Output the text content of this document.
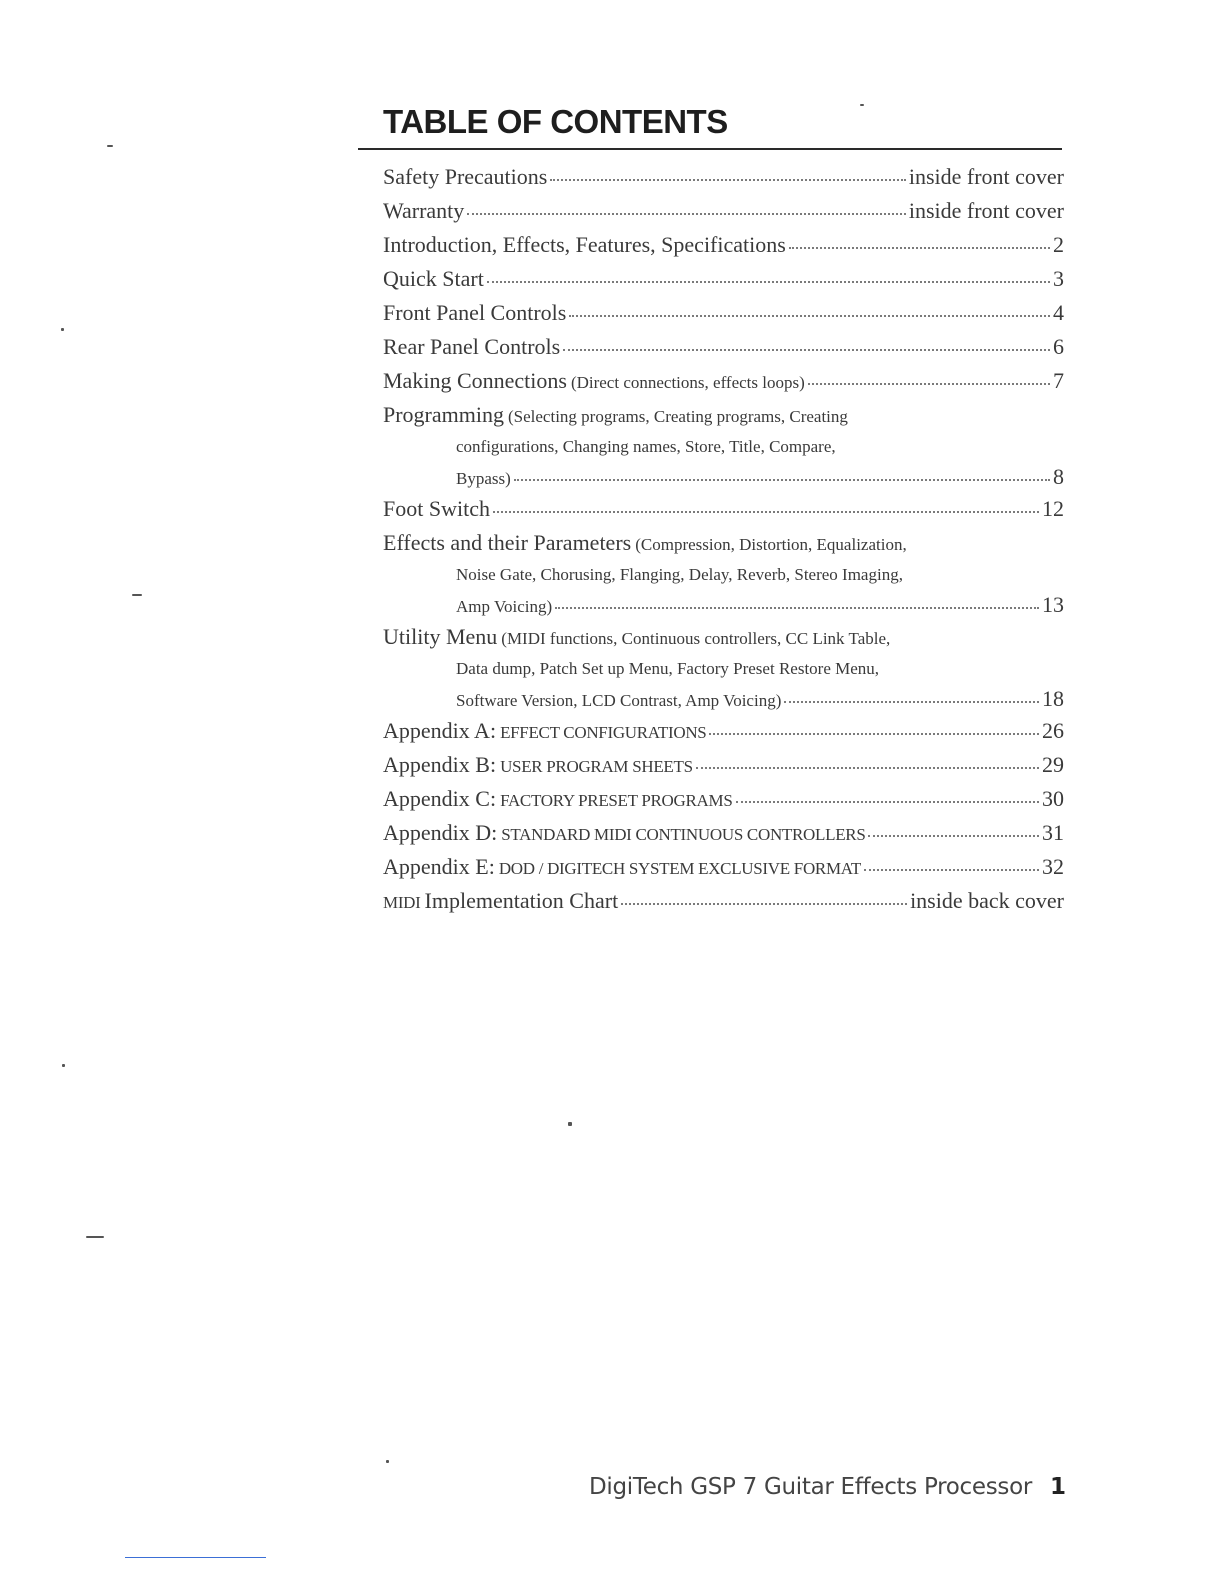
TABLE OF CONTENTS
Safety Precautions	inside front cover
Warranty	inside front cover
Introduction, Effects, Features, Specifications	2
Quick Start	3
Front Panel Controls	4
Rear Panel Controls	6
Making Connections
(Direct connections, effects loops)	7
Programming
(Selecting programs, Creating programs, Creating
configurations, Changing names, Store, Title, Compare,
Bypass)	8
Foot Switch	12
Effects and their Parameters
(Compression, Distortion, Equalization,
Noise Gate, Chorusing, Flanging, Delay, Reverb, Stereo Imaging,
Amp Voicing)	13
Utility Menu
(MIDI functions, Continuous controllers, CC Link Table,
Data dump, Patch Set up Menu, Factory Preset Restore Menu,
Software Version, LCD Contrast, Amp Voicing)	18
Appendix A:
EFFECT CONFIGURATIONS	26
Appendix B:
USER PROGRAM SHEETS	29
Appendix C:
FACTORY PRESET PROGRAMS	30
Appendix D:
STANDARD MIDI CONTINUOUS CONTROLLERS	31
Appendix E:
DOD / DIGITECH SYSTEM EXCLUSIVE FORMAT	32
MIDI
Implementation Chart	inside back cover
DigiTech GSP 7 Guitar Effects Processor 1
